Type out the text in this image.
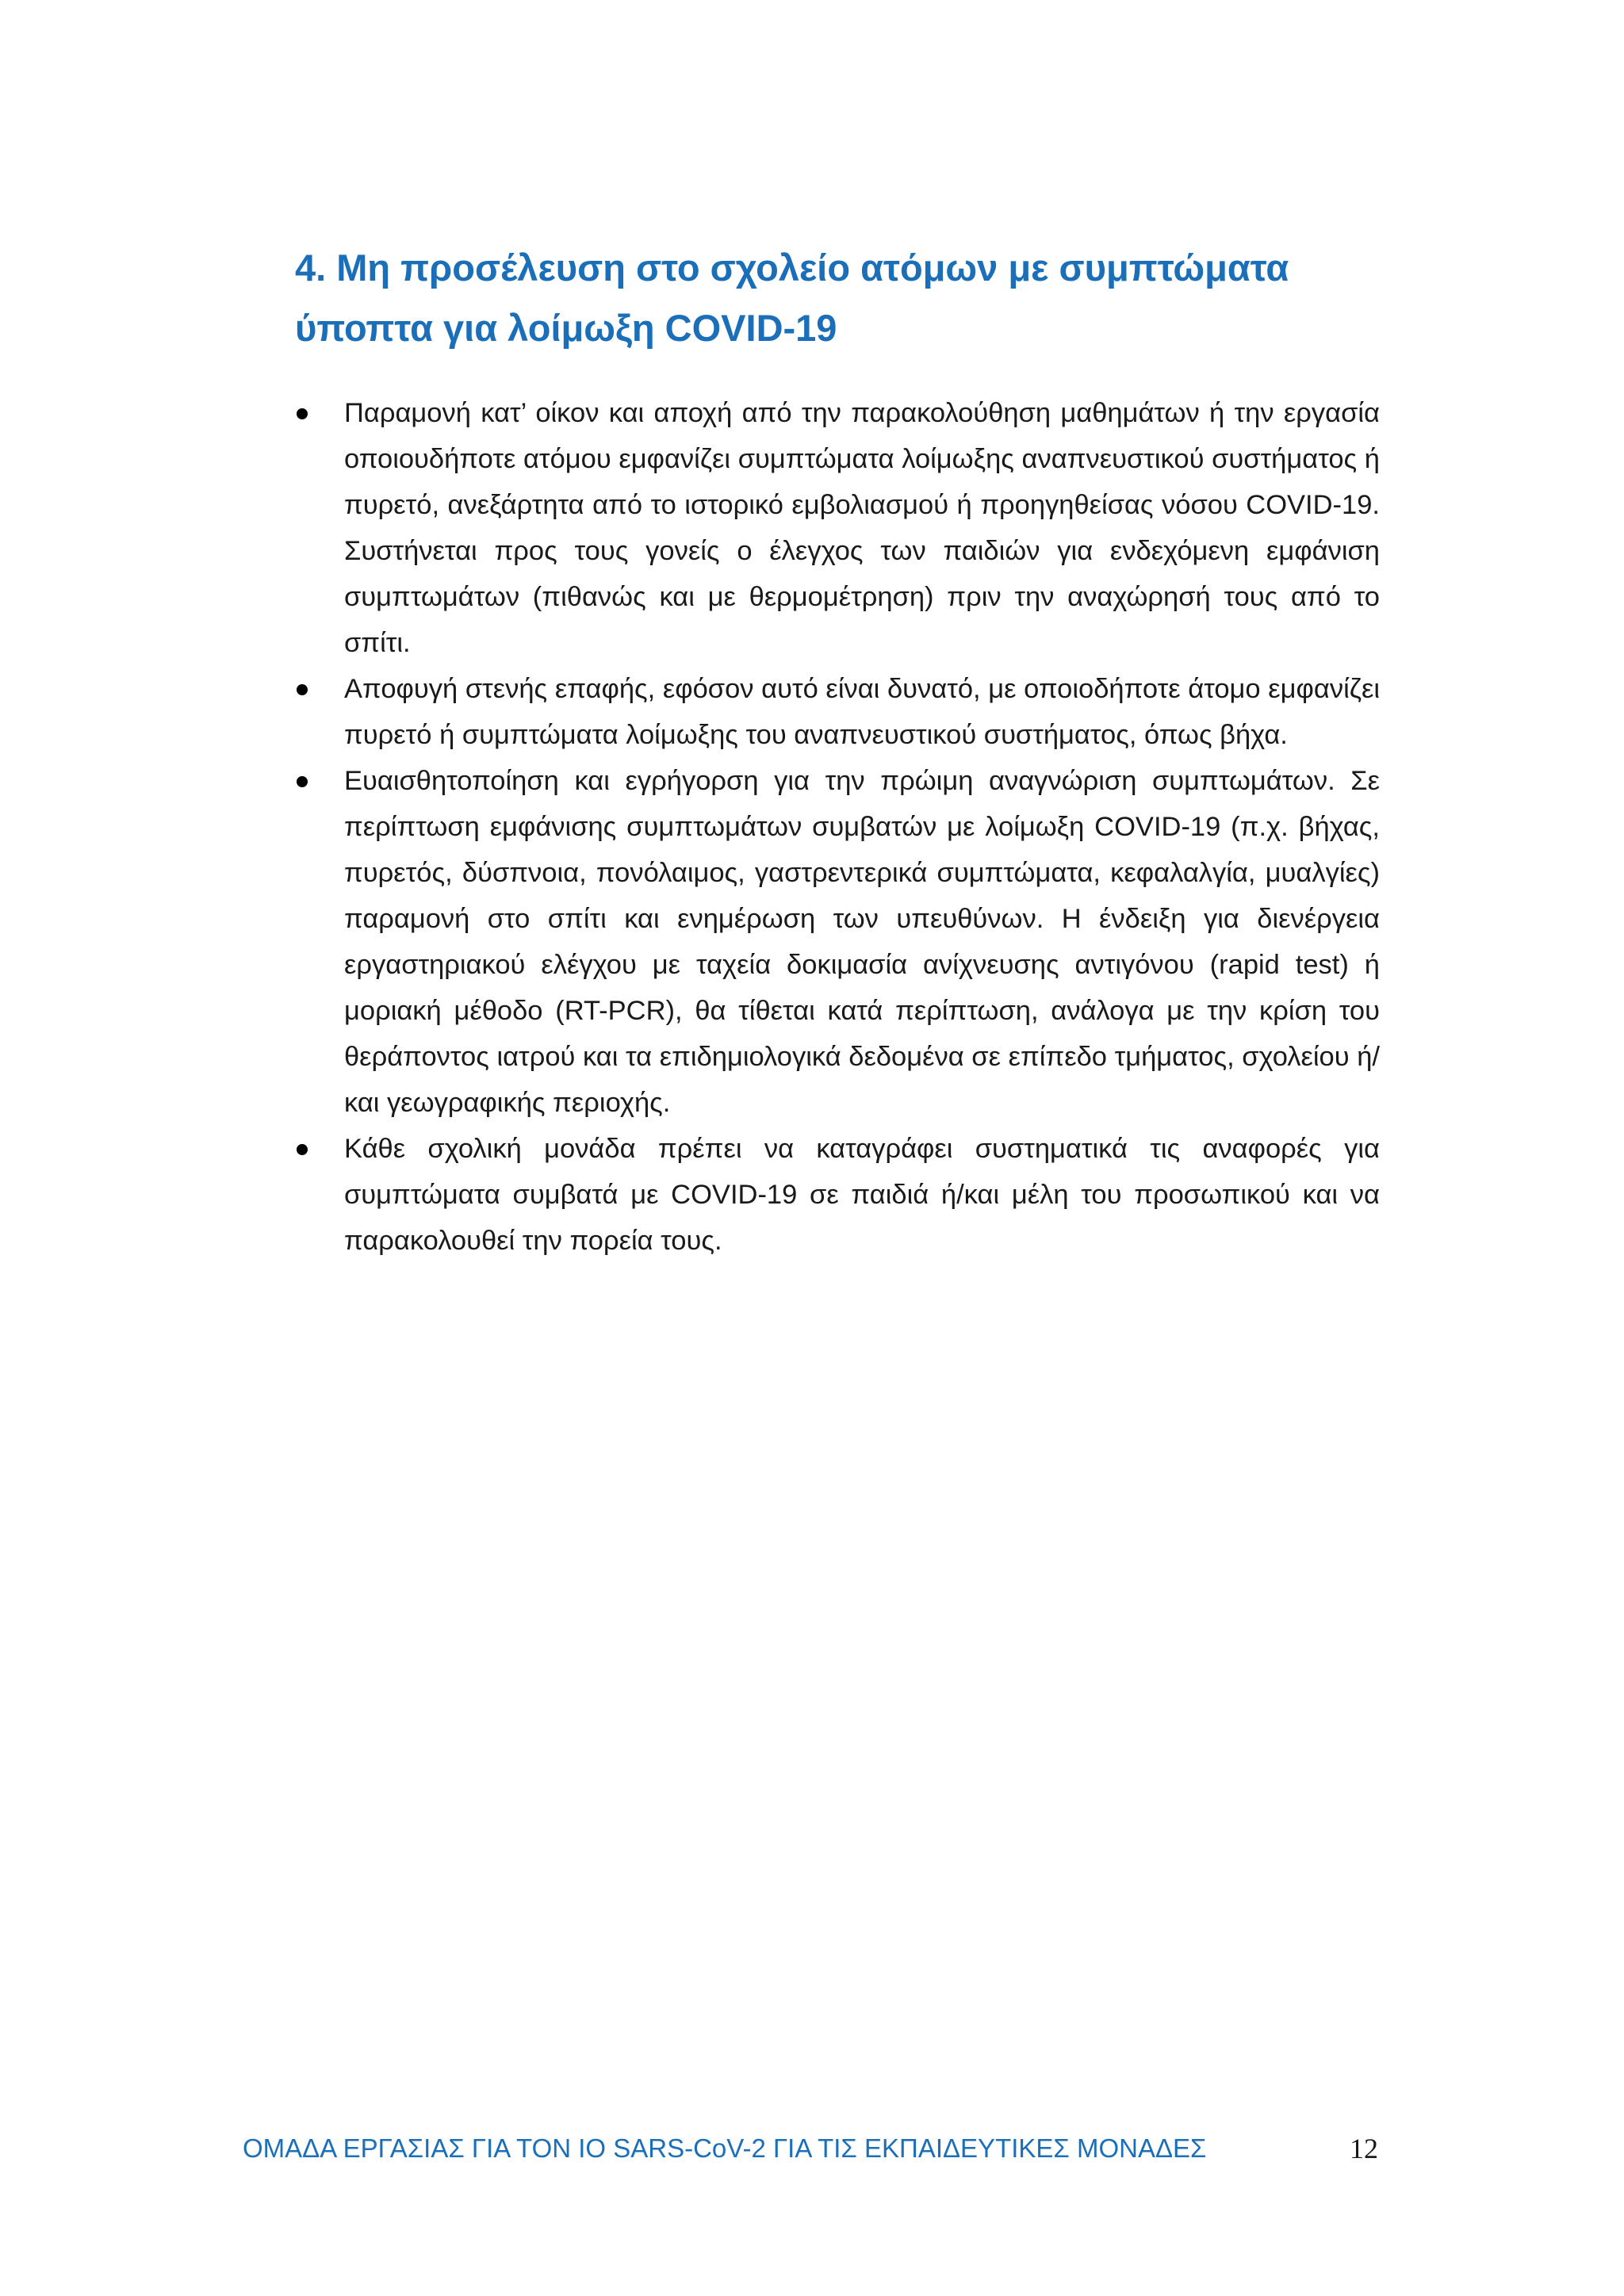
4. Μη προσέλευση στο σχολείο ατόμων με συμπτώματα ύποπτα για λοίμωξη COVID-19
Παραμονή κατ’ οίκον και αποχή από την παρακολούθηση μαθημάτων ή την εργασία οποιουδήποτε ατόμου εμφανίζει συμπτώματα λοίμωξης αναπνευστικού συστήματος ή πυρετό, ανεξάρτητα από το ιστορικό εμβολιασμού ή προηγηθείσας νόσου COVID-19. Συστήνεται προς τους γονείς ο έλεγχος των παιδιών για ενδεχόμενη εμφάνιση συμπτωμάτων (πιθανώς και με θερμομέτρηση) πριν την αναχώρησή τους από το σπίτι.
Αποφυγή στενής επαφής, εφόσον αυτό είναι δυνατό, με οποιοδήποτε άτομο εμφανίζει πυρετό ή συμπτώματα λοίμωξης του αναπνευστικού συστήματος, όπως βήχα.
Ευαισθητοποίηση και εγρήγορση για την πρώιμη αναγνώριση συμπτωμάτων. Σε περίπτωση εμφάνισης συμπτωμάτων συμβατών με λοίμωξη COVID-19 (π.χ. βήχας, πυρετός, δύσπνοια, πονόλαιμος, γαστρεντερικά συμπτώματα, κεφαλαλγία, μυαλγίες) παραμονή στο σπίτι και ενημέρωση των υπευθύνων. Η ένδειξη για διενέργεια εργαστηριακού ελέγχου με ταχεία δοκιμασία ανίχνευσης αντιγόνου (rapid test) ή μοριακή μέθοδο (RT-PCR), θα τίθεται κατά περίπτωση, ανάλογα με την κρίση του θεράποντος ιατρού και τα επιδημιολογικά δεδομένα σε επίπεδο τμήματος, σχολείου ή/και γεωγραφικής περιοχής.
Κάθε σχολική μονάδα πρέπει να καταγράφει συστηματικά τις αναφορές για συμπτώματα συμβατά με COVID-19 σε παιδιά ή/και μέλη του προσωπικού και να παρακολουθεί την πορεία τους.
ΟΜΑΔΑ ΕΡΓΑΣΙΑΣ ΓΙΑ ΤΟΝ ΙΟ SARS-CoV-2 ΓΙΑ ΤΙΣ ΕΚΠΑΙΔΕΥΤΙΚΕΣ ΜΟΝΑΔΕΣ	12
